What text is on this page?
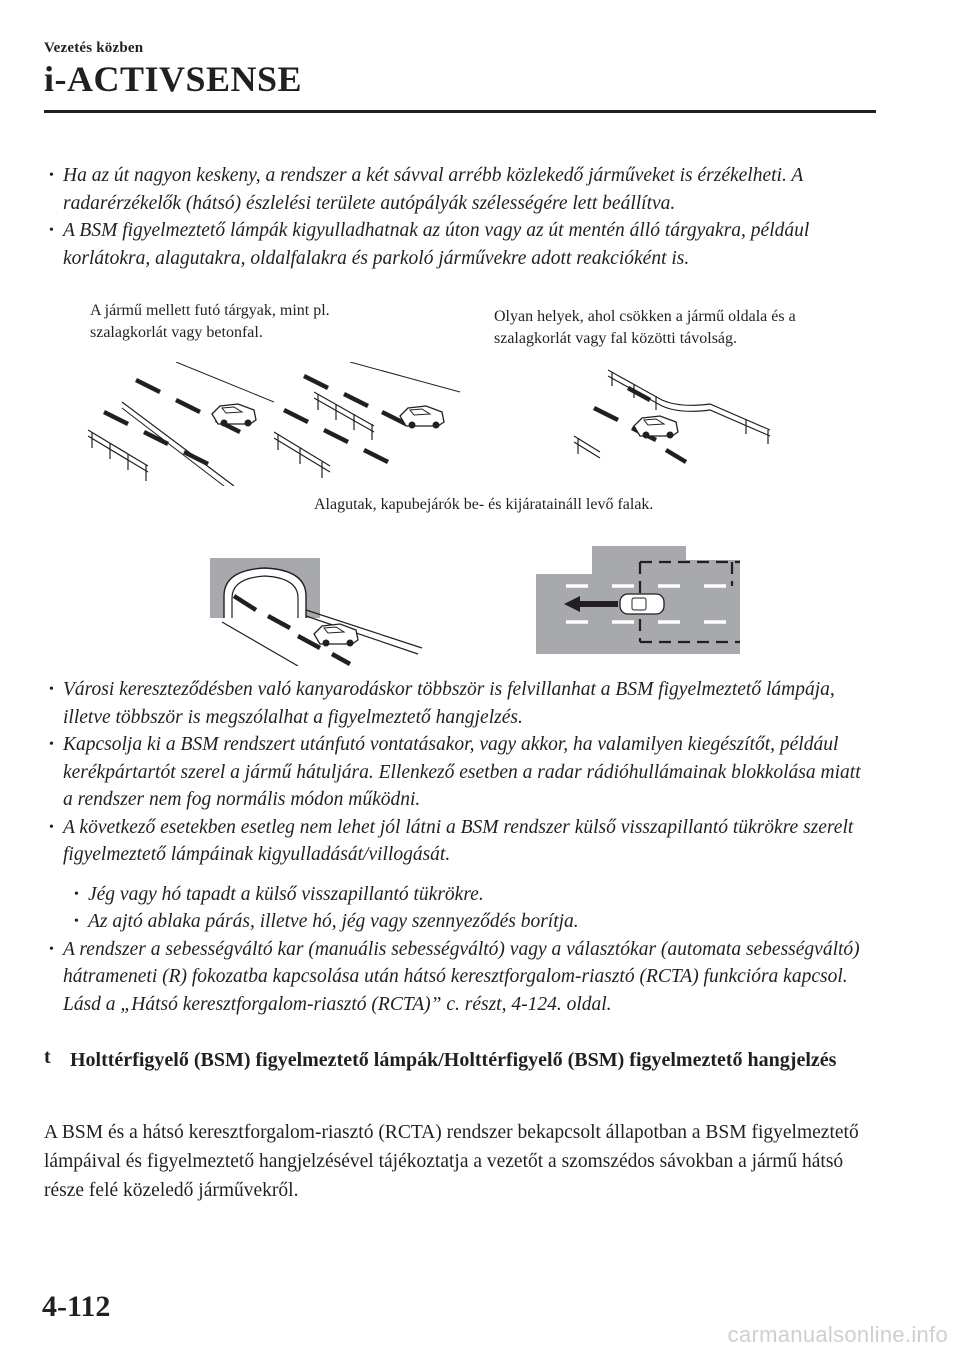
Vezetés közben
i-ACTIVSENSE

• Ha az út nagyon keskeny, a rendszer a két sávval arrébb közlekedő járműveket is érzékelheti. A radarérzékelők (hátsó) észlelési területe autópályák szélességére lett beállítva.

• A BSM figyelmeztető lámpák kigyulladhatnak az úton vagy az út mentén álló tárgyakra, például korlátokra, alagutakra, oldalfalakra és parkoló járművekre adott reakcióként is.

A jármű mellett futó tárgyak, mint pl. szalagkorlát vagy betonfal.
Olyan helyek, ahol csökken a jármű oldala és a szalagkorlát vagy fal közötti távolság.
Alagutak, kapubejárók be- és kijárataináll levő falak.

• Városi kereszteződésben való kanyarodáskor többször is felvillanhat a BSM figyelmeztető lámpája, illetve többször is megszólalhat a figyelmeztető hangjelzés.

• Kapcsolja ki a BSM rendszert utánfutó vontatásakor, vagy akkor, ha valamilyen kiegészítőt, például kerékpártartót szerel a jármű hátuljára. Ellenkező esetben a radar rádióhullámainak blokkolása miatt a rendszer nem fog normális módon működni.

• A következő esetekben esetleg nem lehet jól látni a BSM rendszer külső visszapillantó tükrökre szerelt figyelmeztető lámpáinak kigyulladását/villogását.

• Jég vagy hó tapadt a külső visszapillantó tükrökre.

• Az ajtó ablaka párás, illetve hó, jég vagy szennyeződés borítja.

• A rendszer a sebességváltó kar (manuális sebességváltó) vagy a választókar (automata sebességváltó) hátrameneti (R) fokozatba kapcsolása után hátsó keresztforgalom-riasztó (RCTA) funkcióra kapcsol.

Lásd a „Hátsó keresztforgalom-riasztó (RCTA)” c. részt, 4-124. oldal.
t Holttérfigyelő (BSM) figyelmeztető lámpák/Holttérfigyelő (BSM) figyelmeztető hangjelzés
A BSM és a hátsó keresztforgalom-riasztó (RCTA) rendszer bekapcsolt állapotban a BSM figyelmeztető lámpáival és figyelmeztető hangjelzésével tájékoztatja a vezetőt a szomszédos sávokban a jármű hátsó része felé közeledő járművekről.
4-112
carmanualsonline.info
